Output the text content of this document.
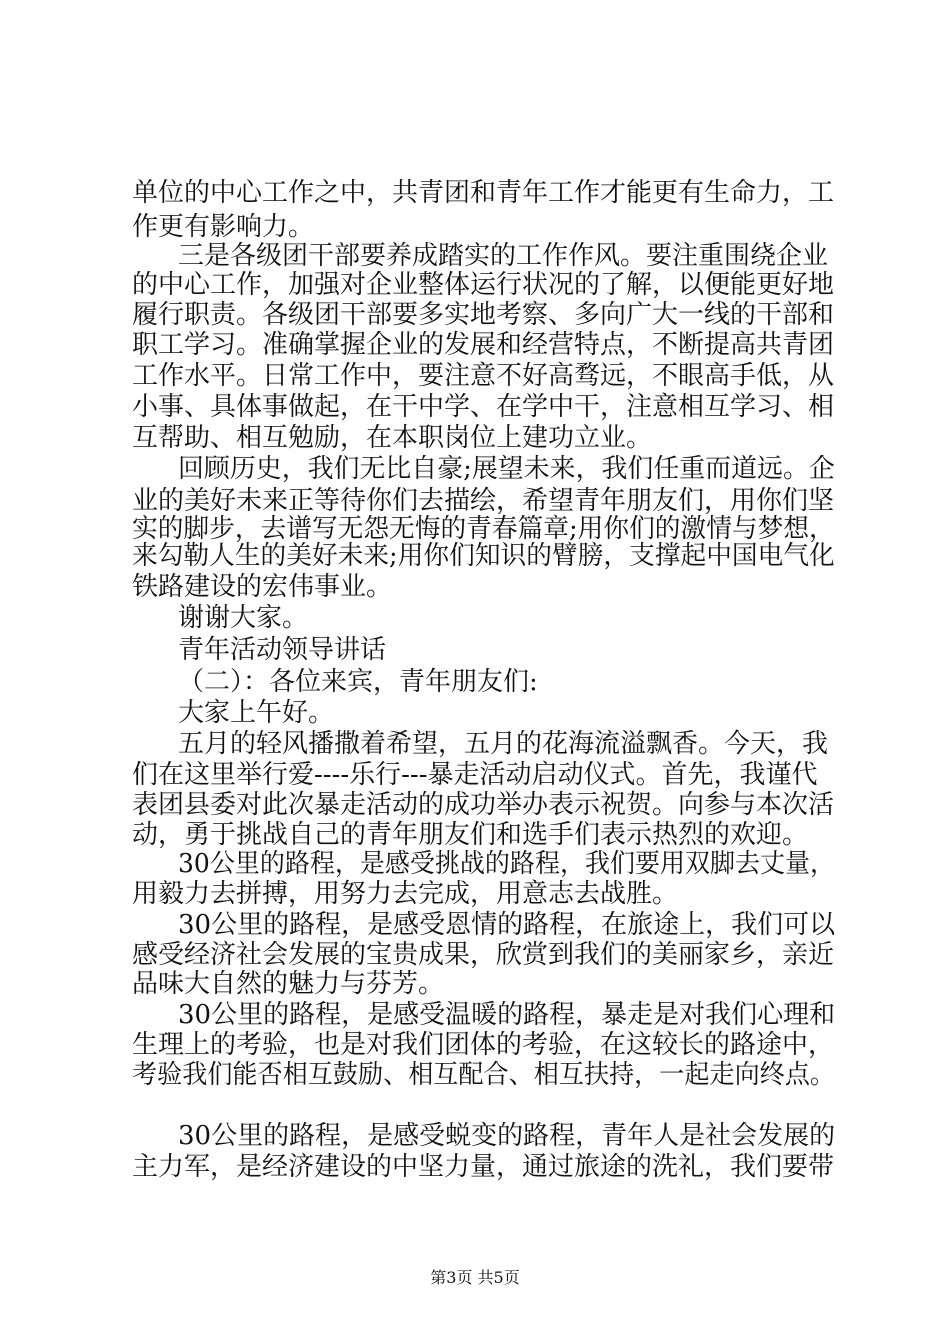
单位的中心工作之中，共青团和青年工作才能更有生命力，工
作更有影响力。
三是各级团干部要养成踏实的工作作风。要注重围绕企业
的中心工作，加强对企业整体运行状况的了解，以便能更好地
履行职责。各级团干部要多实地考察、多向广大一线的干部和
职工学习。准确掌握企业的发展和经营特点，不断提高共青团
工作水平。日常工作中，要注意不好高骛远，不眼高手低，从
小事、具体事做起，在干中学、在学中干，注意相互学习、相
互帮助、相互勉励，在本职岗位上建功立业。
回顾历史，我们无比自豪;展望未来，我们任重而道远。企
业的美好未来正等待你们去描绘，希望青年朋友们，用你们坚
实的脚步，去谱写无怨无悔的青春篇章;用你们的激情与梦想，
来勾勒人生的美好未来;用你们知识的臂膀，支撑起中国电气化
铁路建设的宏伟事业。
谢谢大家。
青年活动领导讲话
（二）：各位来宾，青年朋友们:
大家上午好。
五月的轻风播撒着希望，五月的花海流溢飘香。今天，我
们在这里举行爱----乐行---暴走活动启动仪式。首先，我谨代
表团县委对此次暴走活动的成功举办表示祝贺。向参与本次活
动，勇于挑战自己的青年朋友们和选手们表示热烈的欢迎。
30公里的路程，是感受挑战的路程，我们要用双脚去丈量，
用毅力去拼搏，用努力去完成，用意志去战胜。
30公里的路程，是感受恩情的路程，在旅途上，我们可以
感受经济社会发展的宝贵成果，欣赏到我们的美丽家乡，亲近
品味大自然的魅力与芬芳。
30公里的路程，是感受温暖的路程，暴走是对我们心理和
生理上的考验，也是对我们团体的考验，在这较长的路途中，
考验我们能否相互鼓励、相互配合、相互扶持，一起走向终点。
30公里的路程，是感受蜕变的路程，青年人是社会发展的
主力军，是经济建设的中坚力量，通过旅途的洗礼，我们要带
第3页 共5页
